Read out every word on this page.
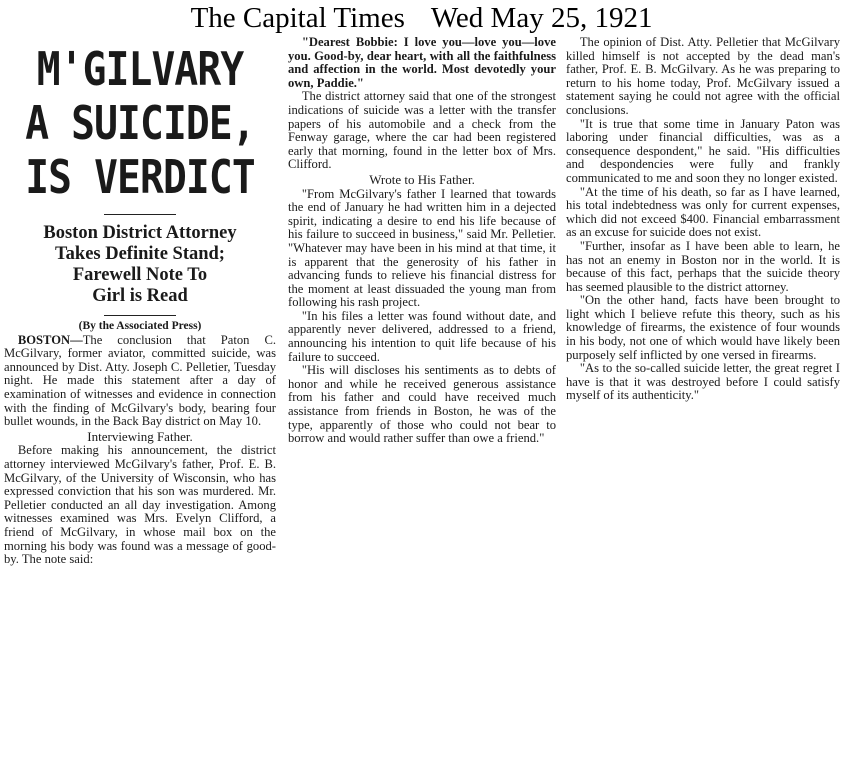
The Capital Times Wed May 25, 1921
M'GILVARY
A SUICIDE,
IS VERDICT
Boston District Attorney
Takes Definite Stand;
Farewell Note To
Girl is Read
(By the Associated Press)

BOSTON—The conclusion that Paton C. McGilvary, former aviator, committed suicide, was announced by Dist. Atty. Joseph C. Pelletier, Tuesday night. He made this statement after a day of examination of witnesses and evidence in connection with the finding of McGilvary's body, bearing four bullet wounds, in the Back Bay district on May 10.

Interviewing Father.

Before making his announcement, the district attorney interviewed McGilvary's father, Prof. E. B. McGilvary, of the University of Wisconsin, who has expressed conviction that his son was murdered. Mr. Pelletier conducted an all day investigation. Among witnesses examined was Mrs. Evelyn Clifford, a friend of McGilvary, in whose mail box on the morning his body was found was a message of good-by. The note said:

"Dearest Bobbie: I love you—love you—love you. Good-by, dear heart, with all the faithfulness and affection in the world. Most devotedly your own, Paddie."

The district attorney said that one of the strongest indications of suicide was a letter with the transfer papers of his automobile and a check from the Fenway garage, where the car had been registered early that morning, found in the letter box of Mrs. Clifford.

Wrote to His Father.

"From McGilvary's father I learned that towards the end of January he had written him in a dejected spirit, indicating a desire to end his life because of his failure to succeed in business," said Mr. Pelletier. "Whatever may have been in his mind at that time, it is apparent that the generosity of his father in advancing funds to relieve his financial distress for the moment at least dissuaded the young man from following his rash project.

"In his files a letter was found without date, and apparently never delivered, addressed to a friend, announcing his intention to quit life because of his failure to succeed.

"His will discloses his sentiments as to debts of honor and while he received generous assistance from his father and could have received much assistance from friends in Boston, he was of the type, apparently of those who could not bear to borrow and would rather suffer than owe a friend."

The opinion of Dist. Atty. Pelletier that McGilvary killed himself is not accepted by the dead man's father, Prof. E. B. McGilvary. As he was preparing to return to his home today, Prof. McGilvary issued a statement saying he could not agree with the official conclusions.

"It is true that some time in January Paton was laboring under financial difficulties, was as a consequence despondent," he said. "His difficulties and despondencies were fully and frankly communicated to me and soon they no longer existed.

"At the time of his death, so far as I have learned, his total indebtedness was only for current expenses, which did not exceed $400. Financial embarrassment as an excuse for suicide does not exist.

"Further, insofar as I have been able to learn, he has not an enemy in Boston nor in the world. It is because of this fact, perhaps that the suicide theory has seemed plausible to the district attorney.

"On the other hand, facts have been brought to light which I believe refute this theory, such as his knowledge of firearms, the existence of four wounds in his body, not one of which would have likely been purposely self inflicted by one versed in firearms.

"As to the so-called suicide letter, the great regret I have is that it was destroyed before I could satisfy myself of its authenticity."
